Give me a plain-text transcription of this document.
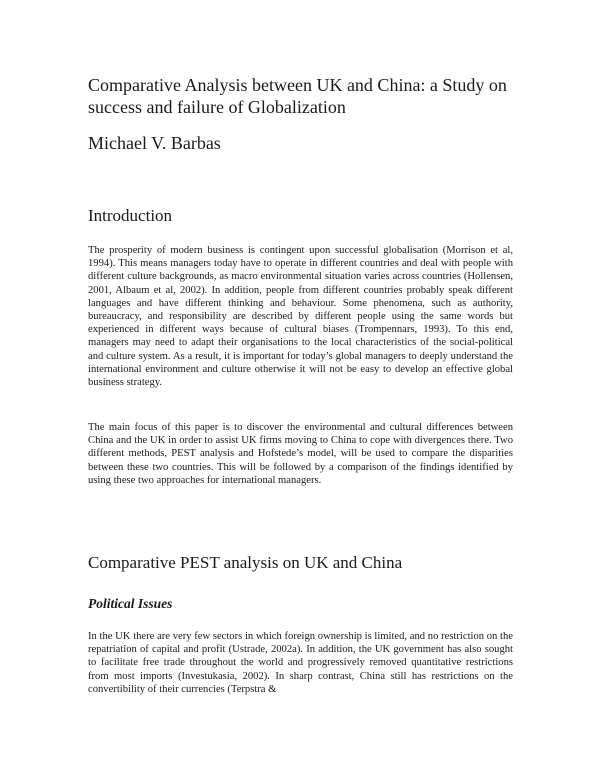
Comparative Analysis between UK and China: a Study on success and failure of Globalization
Michael V. Barbas
Introduction

The prosperity of modern business is contingent upon successful globalisation (Morrison et al, 1994). This means managers today have to operate in different countries and deal with people with different culture backgrounds, as macro environmental situation varies across countries (Hollensen, 2001, Albaum et al, 2002). In addition, people from different countries probably speak different languages and have different thinking and behaviour. Some phenomena, such as authority, bureaucracy, and responsibility are described by different people using the same words but experienced in different ways because of cultural biases (Trompennars, 1993). To this end, managers may need to adapt their organisations to the local characteristics of the social-political and culture system. As a result, it is important for today’s global managers to deeply understand the international environment and culture otherwise it will not be easy to develop an effective global business strategy.

The main focus of this paper is to discover the environmental and cultural differences between China and the UK in order to assist UK firms moving to China to cope with divergences there. Two different methods, PEST analysis and Hofstede’s model, will be used to compare the disparities between these two countries. This will be followed by a comparison of the findings identified by using these two approaches for international managers.

Comparative PEST analysis on UK and China
Political Issues

In the UK there are very few sectors in which foreign ownership is limited, and no restriction on the repatriation of capital and profit (Ustrade, 2002a). In addition, the UK government has also sought to facilitate free trade throughout the world and progressively removed quantitative restrictions from most imports (Investukasia, 2002). In sharp contrast, China still has restrictions on the convertibility of their currencies (Terpstra &
